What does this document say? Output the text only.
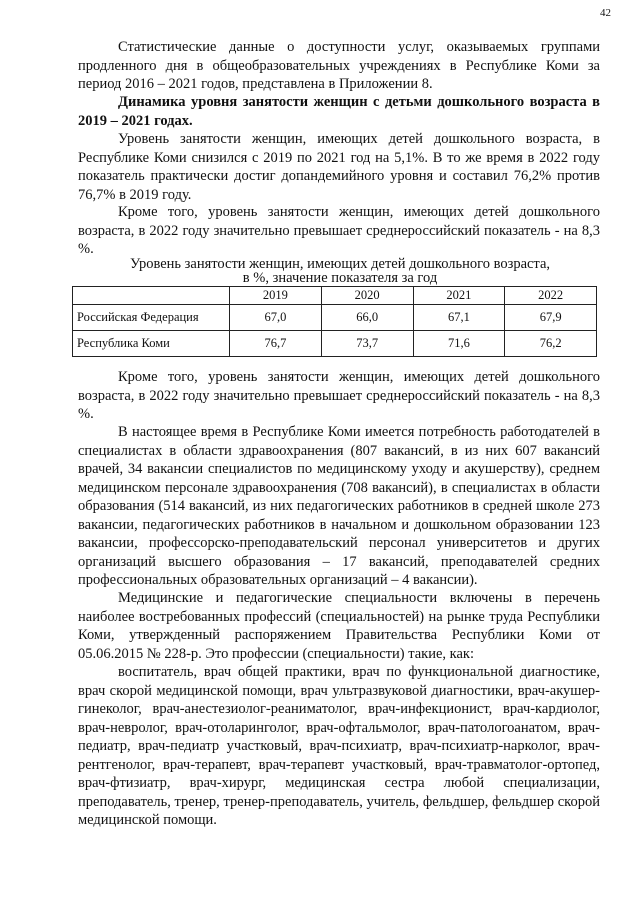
42

Статистические данные о доступности услуг, оказываемых группами продленного дня в общеобразовательных учреждениях в Республике Коми за период 2016 – 2021 годов, представлена в Приложении 8.

Динамика уровня занятости женщин с детьми дошкольного возраста в 2019 – 2021 годах.

Уровень занятости женщин, имеющих детей дошкольного возраста, в Республике Коми снизился с 2019 по 2021 год на 5,1%. В то же время в 2022 году показатель практически достиг допандемийного уровня и составил 76,2% против 76,7% в 2019 году.

Кроме того, уровень занятости женщин, имеющих детей дошкольного возраста, в 2022 году значительно превышает среднероссийский показатель - на 8,3 %.

Уровень занятости женщин, имеющих детей дошкольного возраста,

в %, значение показателя за год

	2019	2020	2021	2022
Российская Федерация	67,0	66,0	67,1	67,9
Республика Коми	76,7	73,7	71,6	76,2

Кроме того, уровень занятости женщин, имеющих детей дошкольного возраста, в 2022 году значительно превышает среднероссийский показатель - на 8,3 %.

В настоящее время в Республике Коми имеется потребность работодателей в специалистах в области здравоохранения (807 вакансий, в из них 607 вакансий врачей, 34 вакансии специалистов по медицинскому уходу и акушерству), среднем медицинском персонале здравоохранения (708 вакансий), в специалистах в области образования (514 вакансий, из них педагогических работников в средней школе 273 вакансии, педагогических работников в начальном и дошкольном образовании 123 вакансии, профессорско-преподавательский персонал университетов и других организаций высшего образования – 17 вакансий, преподавателей средних профессиональных образовательных организаций – 4 вакансии).

Медицинские и педагогические специальности включены в перечень наиболее востребованных профессий (специальностей) на рынке труда Республики Коми, утвержденный распоряжением Правительства Республики Коми от 05.06.2015 № 228-р. Это профессии (специальности) такие, как:

воспитатель, врач общей практики, врач по функциональной диагностике, врач скорой медицинской помощи, врач ультразвуковой диагностики, врач-акушер-гинеколог, врач-анестезиолог-реаниматолог, врач-инфекционист, врач-кардиолог, врач-невролог, врач-отоларинголог, врач-офтальмолог, врач-патологоанатом, врач-педиатр, врач-педиатр участковый, врач-психиатр, врач-психиатр-нарколог, врач-рентгенолог, врач-терапевт, врач-терапевт участковый, врач-травматолог-ортопед, врач-фтизиатр, врач-хирург, медицинская сестра любой специализации, преподаватель, тренер, тренер-преподаватель, учитель, фельдшер, фельдшер скорой медицинской помощи.
